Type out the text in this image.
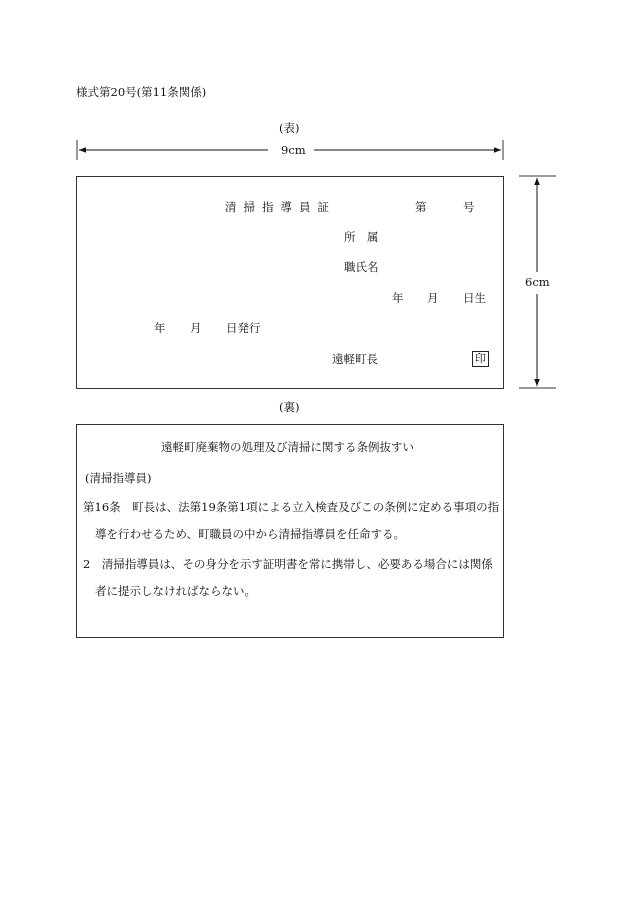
様式第20号(第11条関係)
(表)
9cm
6cm
清掃指導員証	第	号
所　属
職氏名
年 月 日生
年 月 日発行
遠軽町長	印
(裏)
遠軽町廃棄物の処理及び清掃に関する条例抜すい
(清掃指導員)
第16条　町長は、法第19条第1項による立入検査及びこの条例に定める事項の指
導を行わせるため、町職員の中から清掃指導員を任命する。
2　清掃指導員は、その身分を示す証明書を常に携帯し、必要ある場合には関係
者に提示しなければならない。
